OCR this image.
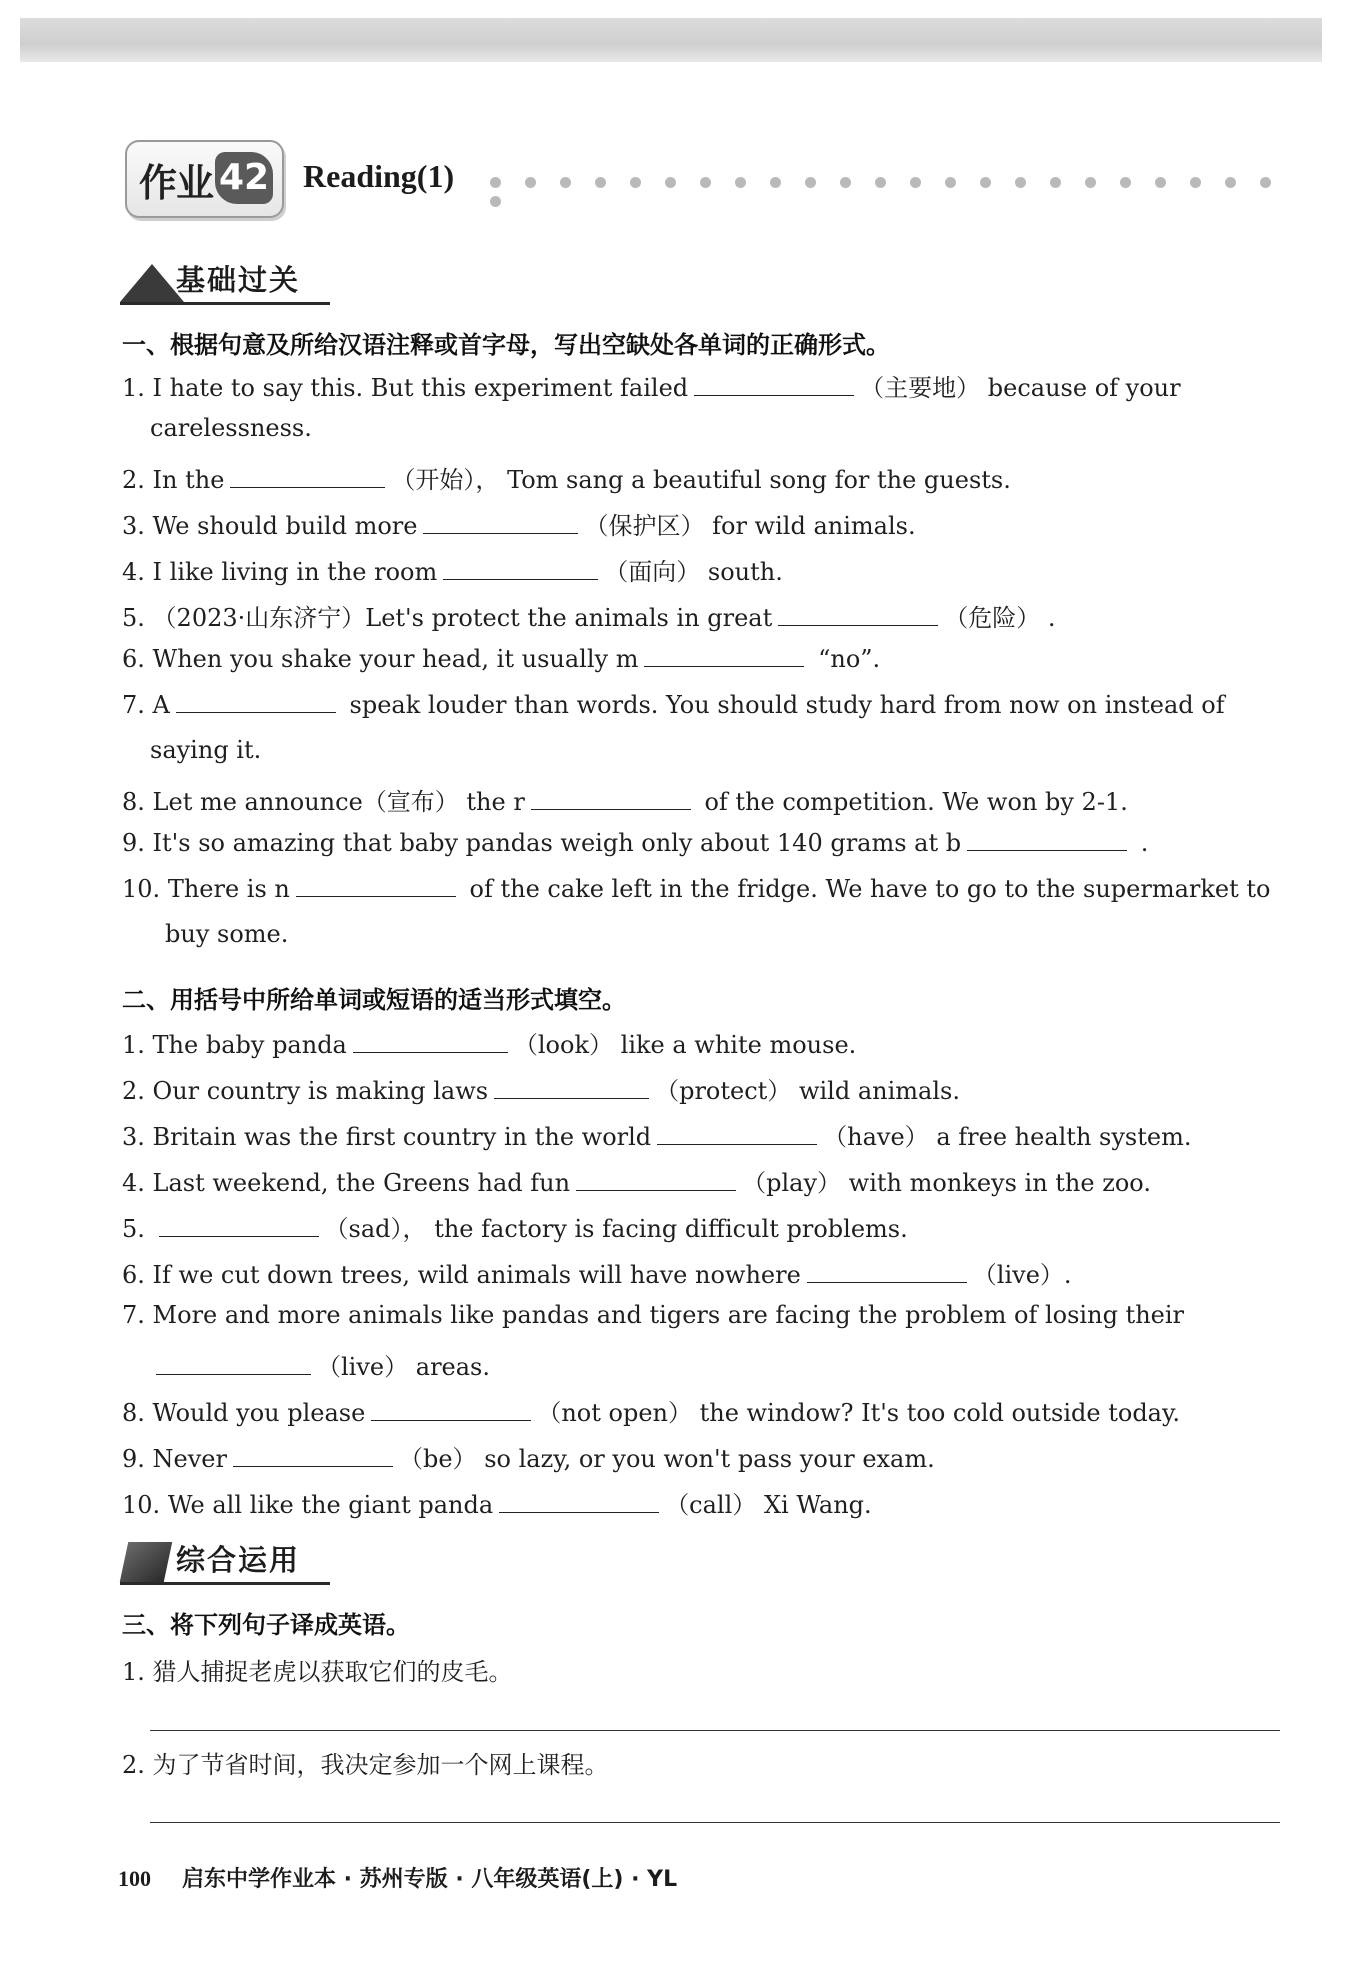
作业 42 Reading(1)
基础过关
一、根据句意及所给汉语注释或首字母，写出空缺处各单词的正确形式。
1. I hate to say this. But this experiment failed	（主要地） because of your
carelessness.
2. In the	（开始）， Tom sang a beautiful song for the guests.
3. We should build more	（保护区） for wild animals.
4. I like living in the room	（面向） south.
5. （2023·山东济宁）Let's protect the animals in great	（危险） .
6. When you shake your head, it usually m	“no”.
7. A	speak louder than words. You should study hard from now on instead of
saying it.
8. Let me announce（宣布） the r	of the competition. We won by 2-1.
9. It's so amazing that baby pandas weigh only about 140 grams at b	.
10. There is n	of the cake left in the fridge. We have to go to the supermarket to
buy some.
二、用括号中所给单词或短语的适当形式填空。
1. The baby panda	（look） like a white mouse.
2. Our country is making laws	（protect） wild animals.
3. Britain was the first country in the world	（have） a free health system.
4. Last weekend, the Greens had fun	（play） with monkeys in the zoo.
5.	（sad）， the factory is facing difficult problems.
6. If we cut down trees, wild animals will have nowhere	（live）.
7. More and more animals like pandas and tigers are facing the problem of losing their
（live） areas.
8. Would you please	（not open） the window? It's too cold outside today.
9. Never	（be） so lazy, or you won't pass your exam.
10. We all like the giant panda	（call） Xi Wang.
综合运用
三、将下列句子译成英语。
1. 猎人捕捉老虎以获取它们的皮毛。
2. 为了节省时间，我决定参加一个网上课程。
100 启东中学作业本 · 苏州专版 · 八年级英语(上) · YL
